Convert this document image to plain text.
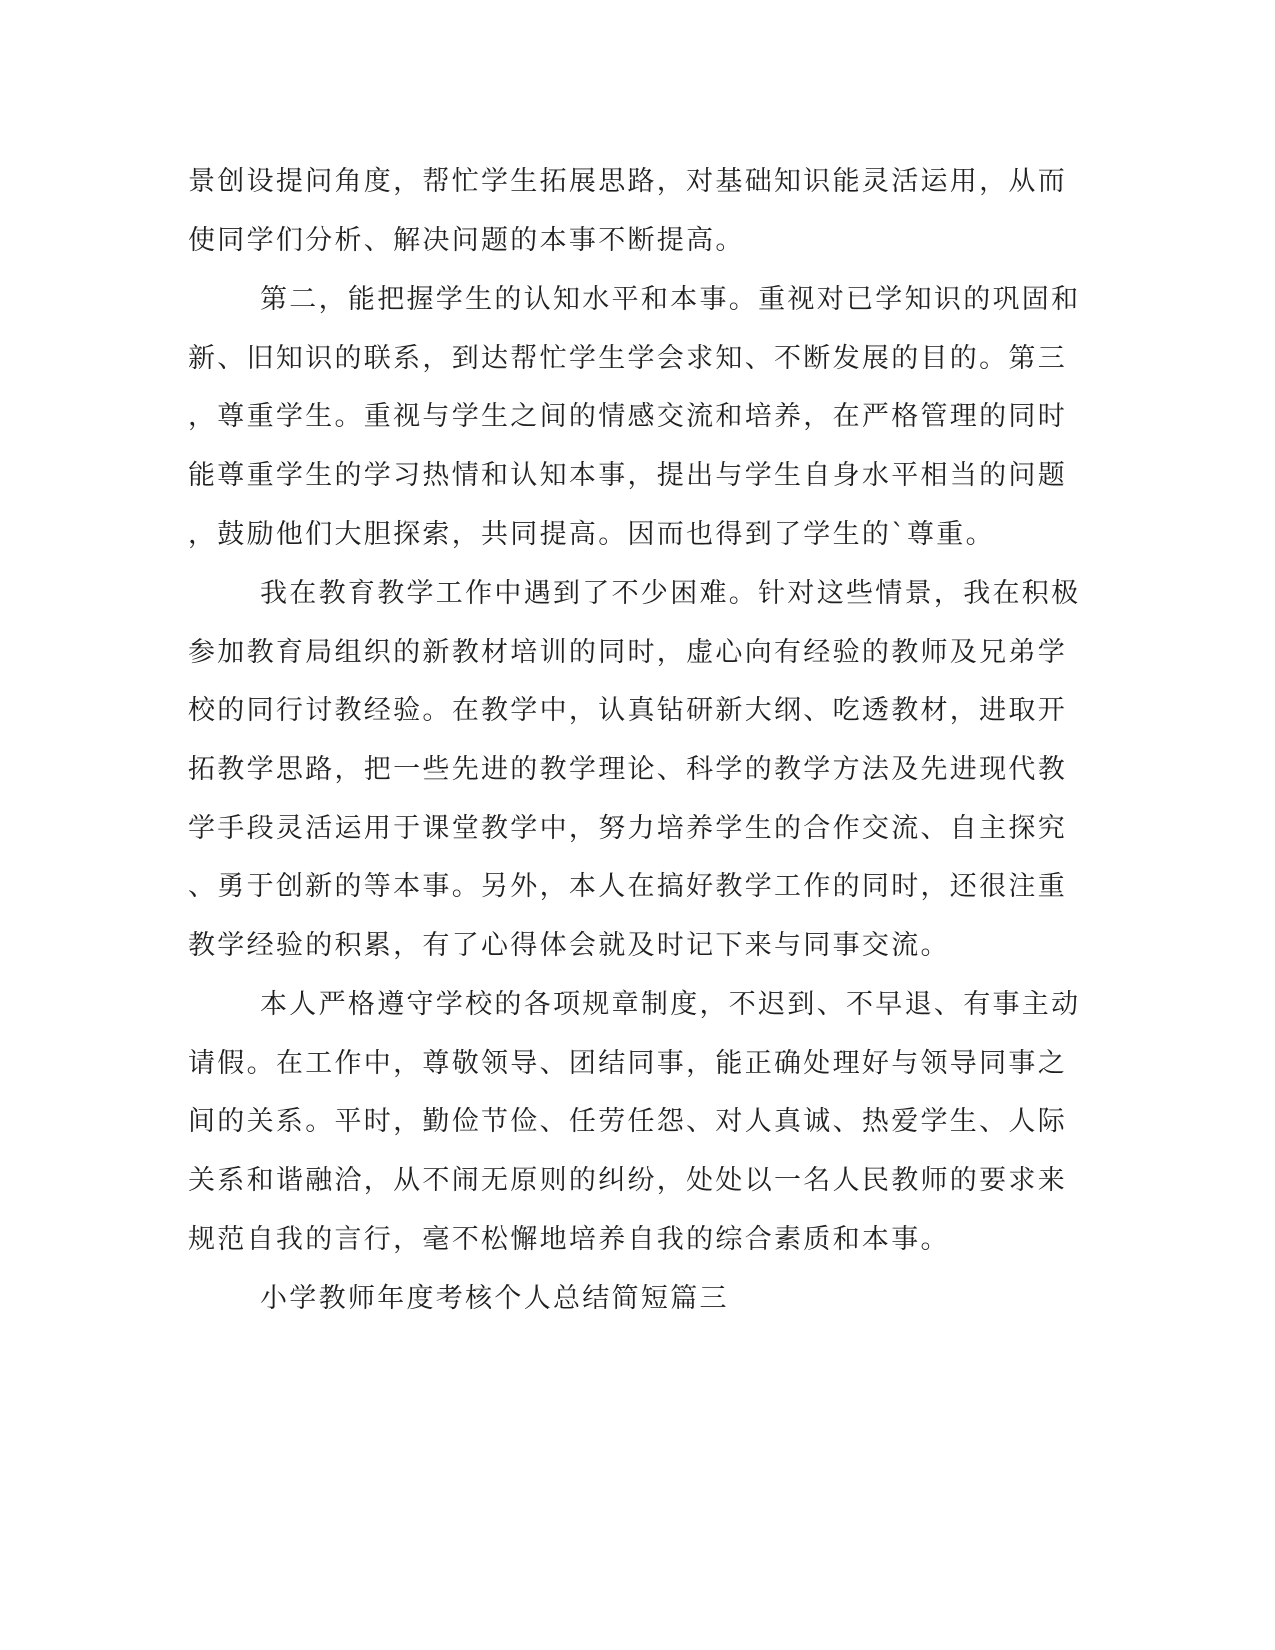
景创设提问角度，帮忙学生拓展思路，对基础知识能灵活运用，从而

使同学们分析、解决问题的本事不断提高。

第二，能把握学生的认知水平和本事。重视对已学知识的巩固和

新、旧知识的联系，到达帮忙学生学会求知、不断发展的目的。第三

，尊重学生。重视与学生之间的情感交流和培养，在严格管理的同时

能尊重学生的学习热情和认知本事，提出与学生自身水平相当的问题

，鼓励他们大胆探索，共同提高。因而也得到了学生的`尊重。

我在教育教学工作中遇到了不少困难。针对这些情景，我在积极

参加教育局组织的新教材培训的同时，虚心向有经验的教师及兄弟学

校的同行讨教经验。在教学中，认真钻研新大纲、吃透教材，进取开

拓教学思路，把一些先进的教学理论、科学的教学方法及先进现代教

学手段灵活运用于课堂教学中，努力培养学生的合作交流、自主探究

、勇于创新的等本事。另外，本人在搞好教学工作的同时，还很注重

教学经验的积累，有了心得体会就及时记下来与同事交流。

本人严格遵守学校的各项规章制度，不迟到、不早退、有事主动

请假。在工作中，尊敬领导、团结同事，能正确处理好与领导同事之

间的关系。平时，勤俭节俭、任劳任怨、对人真诚、热爱学生、人际

关系和谐融洽，从不闹无原则的纠纷，处处以一名人民教师的要求来

规范自我的言行，毫不松懈地培养自我的综合素质和本事。

小学教师年度考核个人总结简短篇三
